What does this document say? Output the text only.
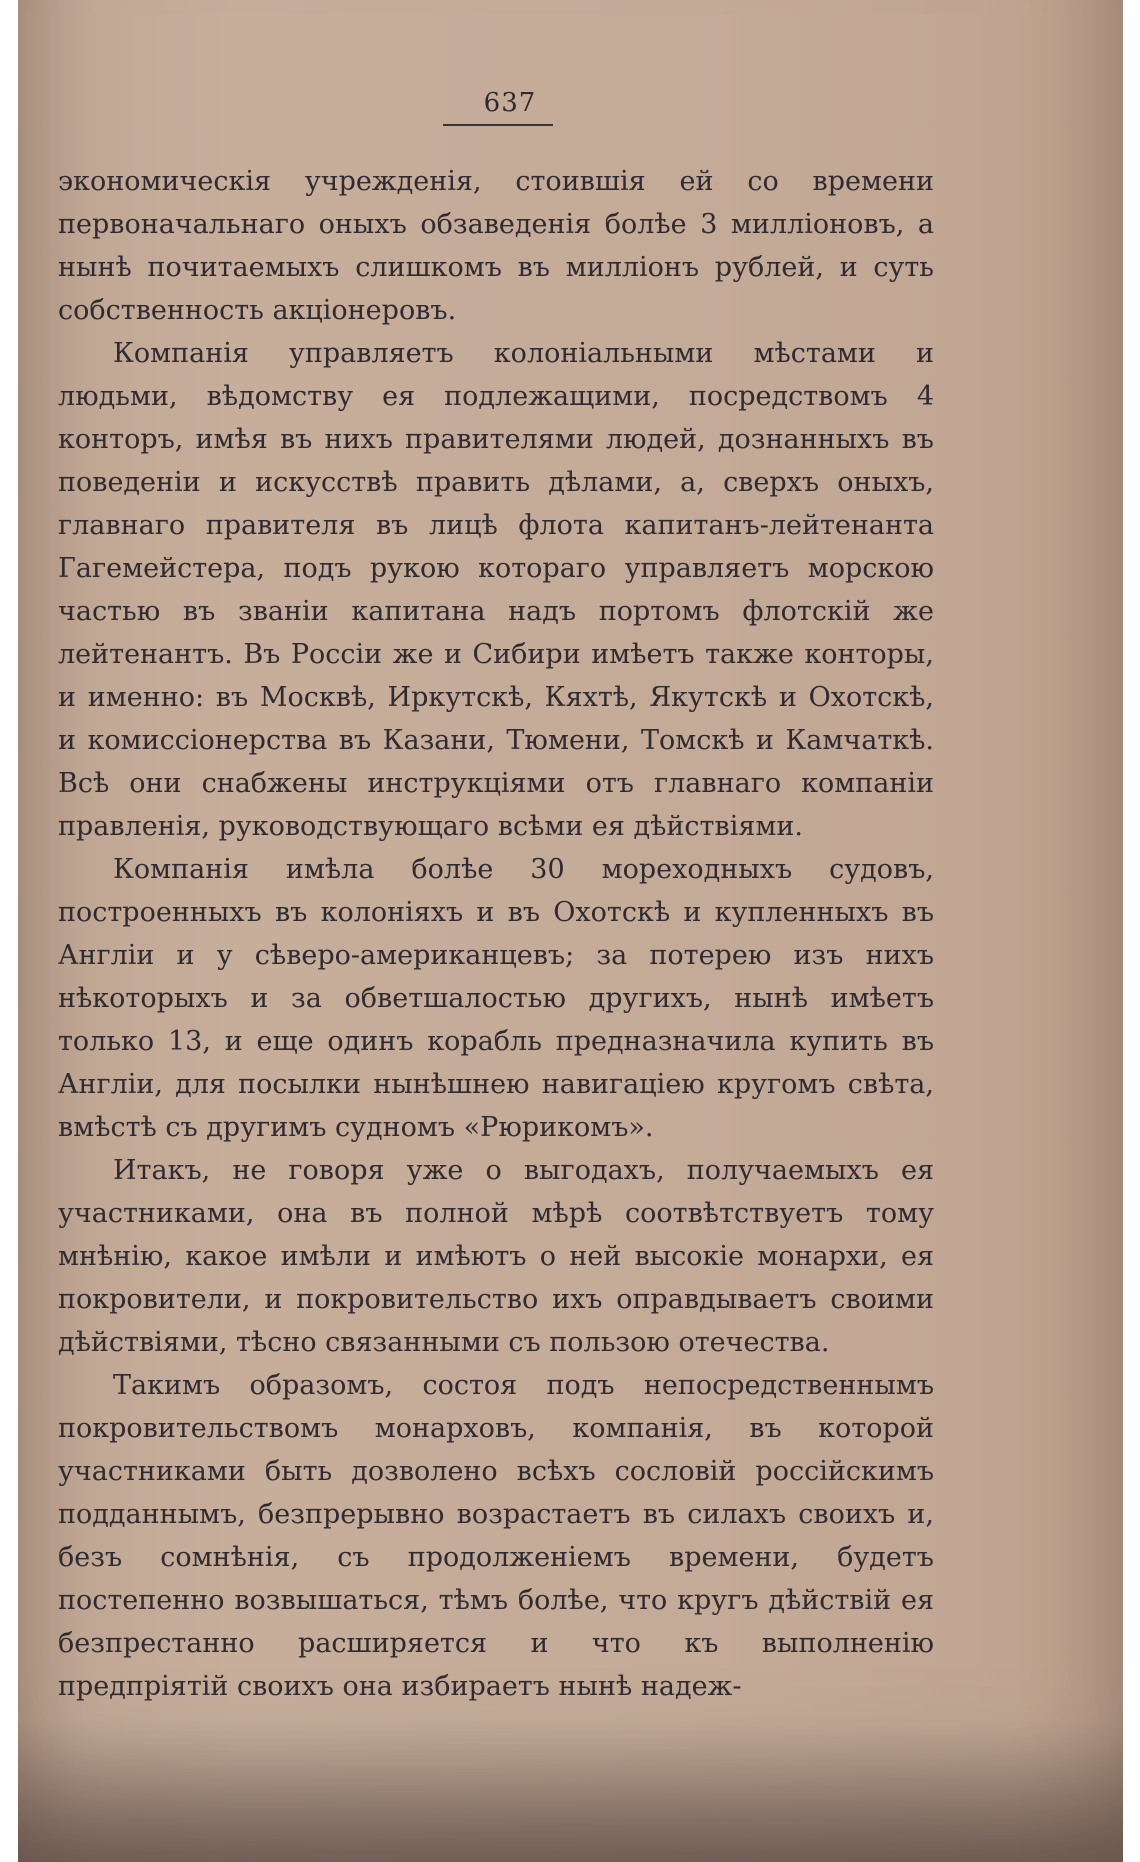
637

экономическія учрежденія, стоившія ей со времени первоначальнаго оныхъ обзаведенія болѣе 3 милліоновъ, а нынѣ почитаемыхъ слишкомъ въ милліонъ рублей, и суть собственность акціонеровъ.

Компанія управляетъ колоніальными мѣстами и людьми, вѣдомству ея подлежащими, посредствомъ 4 конторъ, имѣя въ нихъ правителями людей, дознанныхъ въ поведеніи и искусствѣ править дѣлами, а, сверхъ оныхъ, главнаго правителя въ лицѣ флота капитанъ-лейтенанта Гагемейстера, подъ рукою котораго управляетъ морскою частью въ званіи капитана надъ портомъ флотскій же лейтенантъ. Въ Россіи же и Сибири имѣетъ также конторы, и именно: въ Москвѣ, Иркутскѣ, Кяхтѣ, Якутскѣ и Охотскѣ, и комиссіонерства въ Казани, Тюмени, Томскѣ и Камчаткѣ. Всѣ они снабжены инструкціями отъ главнаго компаніи правленія, руководствующаго всѣми ея дѣйствіями.

Компанія имѣла болѣе 30 мореходныхъ судовъ, построенныхъ въ колоніяхъ и въ Охотскѣ и купленныхъ въ Англіи и у сѣверо-американцевъ; за потерею изъ нихъ нѣкоторыхъ и за обветшалостью другихъ, нынѣ имѣетъ только 13, и еще одинъ корабль предназначила купить въ Англіи, для посылки нынѣшнею навигаціею кругомъ свѣта, вмѣстѣ съ другимъ суднoмъ «Рюрикомъ».

Итакъ, не говоря уже о выгодахъ, получаемыхъ ея участниками, она въ полной мѣрѣ соотвѣтствуетъ тому мнѣнію, какое имѣли и имѣютъ о ней высокіе монархи, ея покровители, и покровительство ихъ оправдываетъ своими дѣйствіями, тѣсно связанными съ пользою отечества.

Такимъ образомъ, состоя подъ непосредственнымъ покровительствомъ монарховъ, компанія, въ которой участниками быть дозволено всѣхъ сословій россійскимъ подданнымъ, безпрерывно возрастаетъ въ силахъ своихъ и, безъ сомнѣнія, съ продолженіемъ времени, будетъ постепенно возвышаться, тѣмъ болѣе, что кругъ дѣйствій ея безпрестанно расширяется и что къ выполненію предпріятій своихъ она избираетъ нынѣ надеж-
